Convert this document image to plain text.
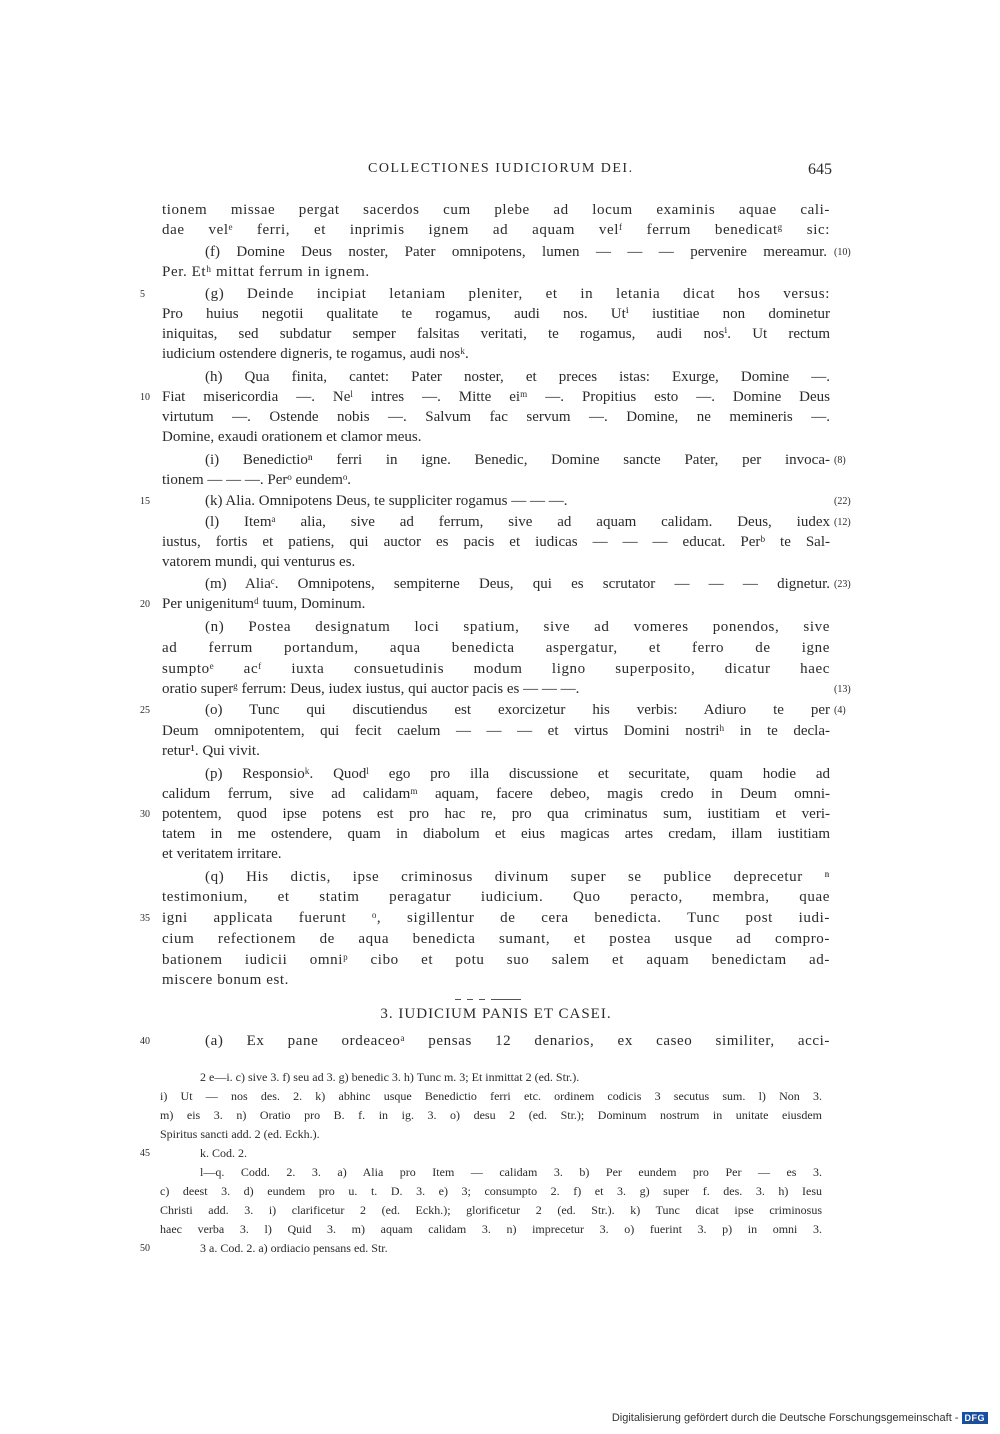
COLLECTIONES IUDICIORUM DEI.	645
tionem missae pergat sacerdos cum plebe ad locum examinis aquae cali-
dae velᵉ ferri, et inprimis ignem ad aquam velᶠ ferrum benedicatᵍ sic:
(f) Domine Deus noster, Pater omnipotens, lumen — — — pervenire mereamur.
Per. Etʰ mittat ferrum in ignem.
(g) Deinde incipiat letaniam pleniter, et in letania dicat hos versus:
Pro huius negotii qualitate te rogamus, audi nos. Utⁱ iustitiae non dominetur
iniquitas, sed subdatur semper falsitas veritati, te rogamus, audi nosⁱ. Ut rectum
iudicium ostendere digneris, te rogamus, audi nosᵏ.
(h) Qua finita, cantet: Pater noster, et preces istas: Exurge, Domine —.
Fiat misericordia —. Neˡ intres —. Mitte eiᵐ —. Propitius esto —. Domine Deus
virtutum —. Ostende nobis —. Salvum fac servum —. Domine, ne memineris —.
Domine, exaudi orationem et clamor meus.
(i) Benedictioⁿ ferri in igne. Benedic, Domine sancte Pater, per invoca-
tionem — — —. Perᵒ eundemᵒ.
(k) Alia. Omnipotens Deus, te suppliciter rogamus — — —.
(l) Itemᵃ alia, sive ad ferrum, sive ad aquam calidam. Deus, iudex
iustus, fortis et patiens, qui auctor es pacis et iudicas — — — educat. Perᵇ te Sal-
vatorem mundi, qui venturus es.
(m) Aliaᶜ. Omnipotens, sempiterne Deus, qui es scrutator — — — dignetur.
Per unigenitumᵈ tuum, Dominum.
(n) Postea designatum loci spatium, sive ad vomeres ponendos, sive
ad ferrum portandum, aqua benedicta aspergatur, et ferro de igne
sumptoᵉ acᶠ iuxta consuetudinis modum ligno superposito, dicatur haec
oratio superᵍ ferrum: Deus, iudex iustus, qui auctor pacis es — — —.
(o) Tunc qui discutiendus est exorcizetur his verbis: Adiuro te per
Deum omnipotentem, qui fecit caelum — — — et virtus Domini nostriʰ in te decla-
retur¹. Qui vivit.
(p) Responsioᵏ. Quodˡ ego pro illa discussione et securitate, quam hodie ad
calidum ferrum, sive ad calidamᵐ aquam, facere debeo, magis credo in Deum omni-
potentem, quod ipse potens est pro hac re, pro qua criminatus sum, iustitiam et veri-
tatem in me ostendere, quam in diabolum et eius magicas artes credam, illam iustitiam
et veritatem irritare.
(q) His dictis, ipse criminosus divinum super se publice deprecetur ⁿ
testimonium, et statim peragatur iudicium. Quo peracto, membra, quae
igni applicata fuerunt ᵒ, sigillentur de cera benedicta. Tunc post iudi-
cium refectionem de aqua benedicta sumant, et postea usque ad compro-
bationem iudicii omniᵖ cibo et potu suo salem et aquam benedictam ad-
miscere bonum est.
5
10
15
20
25
30
35
40
(10)
(8)
(22)
(12)
(23)
(13)
(4)
3. IUDICIUM PANIS ET CASEI.
(a) Ex pane ordeaceoᵃ pensas 12 denarios, ex caseo similiter, acci-
2 e—i. c) sive 3. f) seu ad 3. g) benedic 3. h) Tunc m. 3; Et inmittat 2 (ed. Str.).
i) Ut — nos des. 2. k) abhinc usque Benedictio ferri etc. ordinem codicis 3 secutus sum. l) Non 3.
m) eis 3. n) Oratio pro B. f. in ig. 3. o) desu 2 (ed. Str.); Dominum nostrum in unitate eiusdem
Spiritus sancti add. 2 (ed. Eckh.).
k. Cod. 2.
l—q. Codd. 2. 3. a) Alia pro Item — calidam 3. b) Per eundem pro Per — es 3.
c) deest 3. d) eundem pro u. t. D. 3. e) 3; consumpto 2. f) et 3. g) super f. des. 3. h) Iesu
Christi add. 3. i) clarificetur 2 (ed. Eckh.); glorificetur 2 (ed. Str.). k) Tunc dicat ipse criminosus
haec verba 3. l) Quid 3. m) aquam calidam 3. n) imprecetur 3. o) fuerint 3. p) in omni 3.
3 a. Cod. 2. a) ordiacio pensans ed. Str.
45
50
Digitalisierung gefördert durch die Deutsche Forschungsgemeinschaft - DFG
